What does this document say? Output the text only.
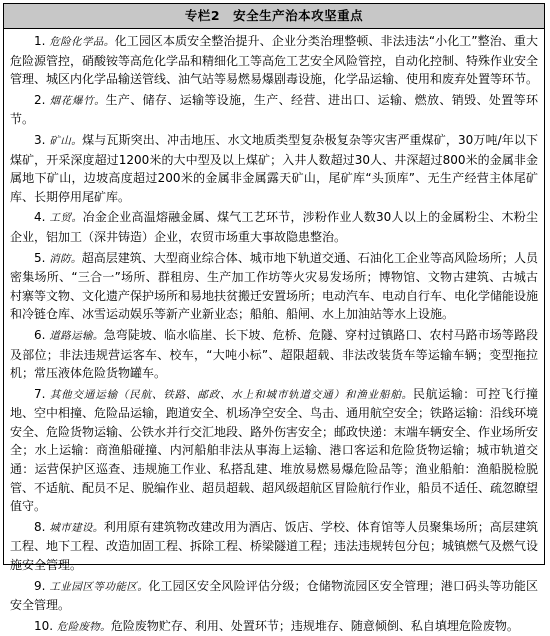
专栏2　安全生产治本攻坚重点

1. 危险化学品。化工园区本质安全整治提升、企业分类治理整顿、非法违法“小化工”整治、重大危险源管控，硝酸铵等高危化学品和精细化工等高危工艺安全风险管控，自动化控制、特殊作业安全管理、城区内化学品输送管线、油气站等易燃易爆剧毒设施，化学品运输、使用和废弃处置等环节。

2. 烟花爆竹。生产、储存、运输等设施，生产、经营、进出口、运输、燃放、销毁、处置等环节。

3. 矿山。煤与瓦斯突出、冲击地压、水文地质类型复杂极复杂等灾害严重煤矿，30万吨/年以下煤矿，开采深度超过1200米的大中型及以上煤矿；入井人数超过30人、井深超过800米的金属非金属地下矿山，边坡高度超过200米的金属非金属露天矿山，尾矿库“头顶库”、无生产经营主体尾矿库、长期停用尾矿库。

4. 工贸。冶金企业高温熔融金属、煤气工艺环节，涉粉作业人数30人以上的金属粉尘、木粉尘企业，铝加工（深井铸造）企业，农贸市场重大事故隐患整治。

5. 消防。超高层建筑、大型商业综合体、城市地下轨道交通、石油化工企业等高风险场所；人员密集场所、“三合一”场所、群租房、生产加工作坊等火灾易发场所；博物馆、文物古建筑、古城古村寨等文物、文化遗产保护场所和易地扶贫搬迁安置场所；电动汽车、电动自行车、电化学储能设施和冷链仓库、冰雪运动娱乐等新产业新业态；船舶、船闸、水上加油站等水上设施。

6. 道路运输。急弯陡坡、临水临崖、长下坡、危桥、危隧、穿村过镇路口、农村马路市场等路段及部位；非法违规营运客车、校车，“大吨小标”、超限超载、非法改装货车等运输车辆；变型拖拉机；常压液体危险货物罐车。

7. 其他交通运输（民航、铁路、邮政、水上和城市轨道交通）和渔业船舶。民航运输：可控飞行撞地、空中相撞、危险品运输，跑道安全、机场净空安全、鸟击、通用航空安全；铁路运输：沿线环境安全、危险货物运输、公铁水并行交汇地段、路外伤害安全；邮政快递：末端车辆安全、作业场所安全；水上运输：商渔船碰撞、内河船舶非法从事海上运输、港口客运和危险货物运输；城市轨道交通：运营保护区巡查、违规施工作业、私搭乱建、堆放易燃易爆危险品等；渔业船舶：渔船脱检脱管、不适航、配员不足、脱编作业、超员超载、超风级超航区冒险航行作业，船员不适任、疏忽瞭望值守。

8. 城市建设。利用原有建筑物改建改用为酒店、饭店、学校、体育馆等人员聚集场所；高层建筑工程、地下工程、改造加固工程、拆除工程、桥梁隧道工程；违法违规转包分包；城镇燃气及燃气设施安全管理。

9. 工业园区等功能区。化工园区安全风险评估分级；仓储物流园区安全管理；港口码头等功能区安全管理。

10. 危险废物。危险废物贮存、利用、处置环节；违规堆存、随意倾倒、私自填埋危险废物。
